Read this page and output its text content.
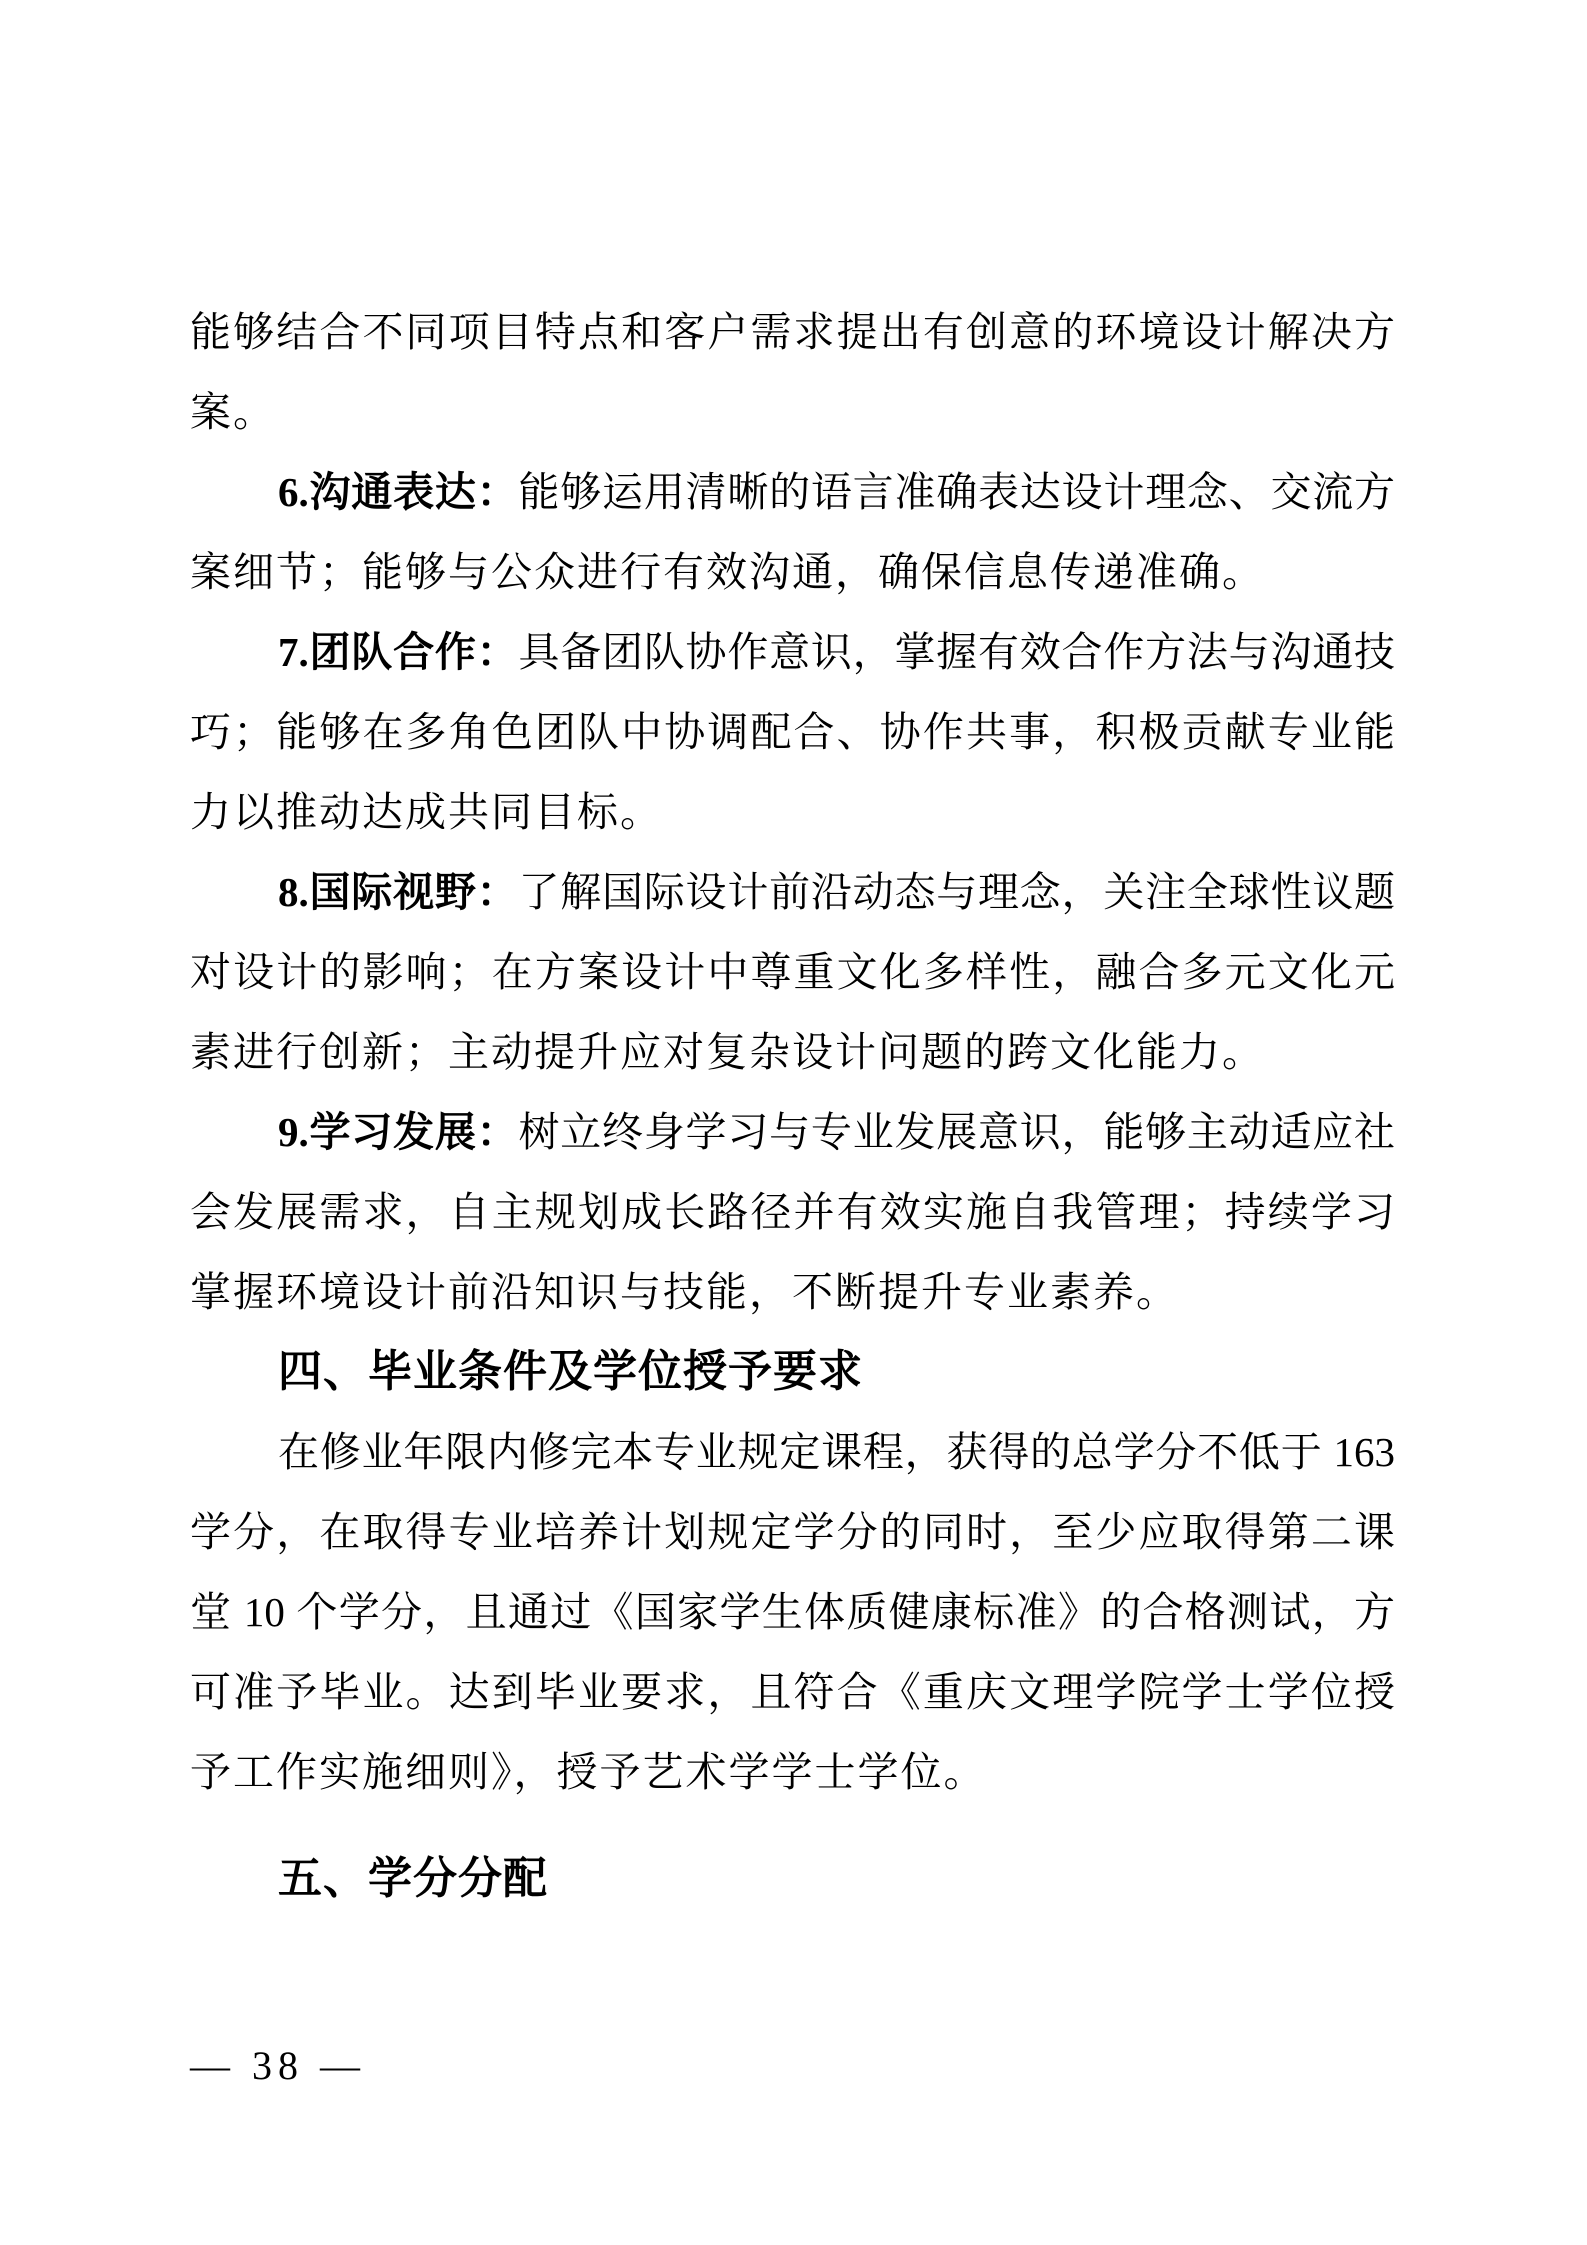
能够结合不同项目特点和客户需求提出有创意的环境设计解决方
案。
6.沟通表达：能够运用清晰的语言准确表达设计理念、交流方
案细节；能够与公众进行有效沟通，确保信息传递准确。
7.团队合作：具备团队协作意识，掌握有效合作方法与沟通技
巧；能够在多角色团队中协调配合、协作共事，积极贡献专业能
力以推动达成共同目标。
8.国际视野：了解国际设计前沿动态与理念，关注全球性议题
对设计的影响；在方案设计中尊重文化多样性，融合多元文化元
素进行创新；主动提升应对复杂设计问题的跨文化能力。
9.学习发展：树立终身学习与专业发展意识，能够主动适应社
会发展需求，自主规划成长路径并有效实施自我管理；持续学习
掌握环境设计前沿知识与技能，不断提升专业素养。
四、毕业条件及学位授予要求
在修业年限内修完本专业规定课程，获得的总学分不低于 163
学分，在取得专业培养计划规定学分的同时，至少应取得第二课
堂 10 个学分，且通过《国家学生体质健康标准》的合格测试，方
可准予毕业。达到毕业要求，且符合《重庆文理学院学士学位授
予工作实施细则》，授予艺术学学士学位。
五、学分分配
— 38 —
